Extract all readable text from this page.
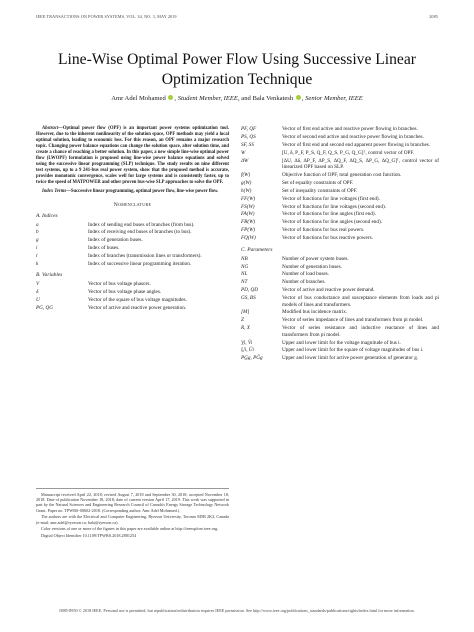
IEEE TRANSACTIONS ON POWER SYSTEMS, VOL. 34, NO. 3, MAY 2019	2085
Line-Wise Optimal Power Flow Using Successive Linear Optimization Technique
Amr Adel Mohamed , Student Member, IEEE, and Bala Venkatesh , Senior Member, IEEE

Abstract—Optimal power flow (OPF) is an important power systems optimization tool. However, due to the inherent nonlinearity of the solution space, OPF methods may yield a local optimal solution, leading to economic loss. For this reason, an OPF remains a major research topic. Changing power balance equations can change the solution space, alter solution time, and create a chance of reaching a better solution. In this paper, a new simple line-wise optimal power flow (LWOPF) formulation is proposed using line-wise power balance equations and solved using the successive linear programming (SLP) technique. The study results on nine different test systems, up to a 9 241-bus real power system, show that the proposed method is accurate, provides monotonic convergence, scales well for large systems and is consistently faster, up to twice the speed of MATPOWER and other proven bus-wise SLP approaches to solve the OPF.

Index Terms—Successive linear programming, optimal power flow, line-wise power flow.

Nomenclature
A. Indices
a	Index of sending end buses of branches (from bus).
b	Index of receiving end buses of branches (to bus).
g	Index of generation buses.
i	Index of buses.
l	Index of branches (transmission lines or transformers).
k	Index of successive linear programming iteration.
B. Variables
V	Vector of bus voltage phasors.
δ	Vector of bus voltage phase angles.
U	Vector of the square of bus voltage magnitudes.
PG, QG	Vector of active and reactive power generation.
PF, QF	Vector of first end active and reactive power flowing in branches.
PS, QS	Vector of second end active and reactive power flowing in branches.
SF, SS	Vector of first end and second end apparent power flowing in branches.
W	[U, δ, P_F, P_S, Q_F, Q_S, P_G, Q_G]ᵀ, control vector of OPF.
ΔW	[ΔU, Δδ, ΔP_F, ΔP_S, ΔQ_F, ΔQ_S, ΔP_G, ΔQ_G]ᵀ, control vector of linearized OPF based on SLP.
f(W)	Objective function of OPF, total generation cost function.
g(W)	Set of equality constraints of OPF.
h(W)	Set of inequality constraints of OPF.
FF(W)	Vector of functions for line voltages (first end).
FS(W)	Vector of functions for line voltages (second end).
FA(W)	Vector of functions for line angles (first end).
FB(W)	Vector of functions for line angles (second end).
FP(W)	Vector of functions for bus real powers.
FQ(W)	Vector of functions for bus reactive powers.
C. Parameters
NB	Number of power system buses.
NG	Number of generation buses.
NL	Number of load buses.
NT	Number of branches.
PD, QD	Vector of active and reactive power demand.
GS, BS	Vector of bus conductance and susceptance elements from loads and pi models of lines and transformers.
[M]	Modified bus incidence matrix.
Z	Vector of series impedance of lines and transformers from pi model.
R, X	Vector of series resistance and inductive reactance of lines and transformers from pi model.
V̲i, V̄i	Upper and lower limit for the voltage magnitude of bus i.
U̲i, Ūi	Upper and lower limit for the square of voltage magnitudes of bus i.
PG̲g, PḠg	Upper and lower limit for active power generation of generator g.

Manuscript received April 22, 2018; revised August 7, 2018 and September 30, 2018; accepted November 18, 2018. Date of publication November 18, 2018; date of current version April 17, 2019. This work was supported in part by the Natural Sciences and Engineering Research Council of Canada's Energy Storage Technology Network Grant. Paper no. TPWRS-00602-2018. (Corresponding author: Amr Adel Mohamed.)

The authors are with the Electrical and Computer Engineering, Ryerson University, Toronto M5B 2K3, Canada (e-mail: amr.adel@ryerson.ca; bala@ryerson.ca).

Color versions of one or more of the figures in this paper are available online at http://ieeexplore.ieee.org.

Digital Object Identifier 10.1109/TPWRS.2018.2881254

0885-8950 © 2018 IEEE. Personal use is permitted, but republication/redistribution requires IEEE permission. See http://www.ieee.org/publications_standards/publications/rights/index.html for more information.
